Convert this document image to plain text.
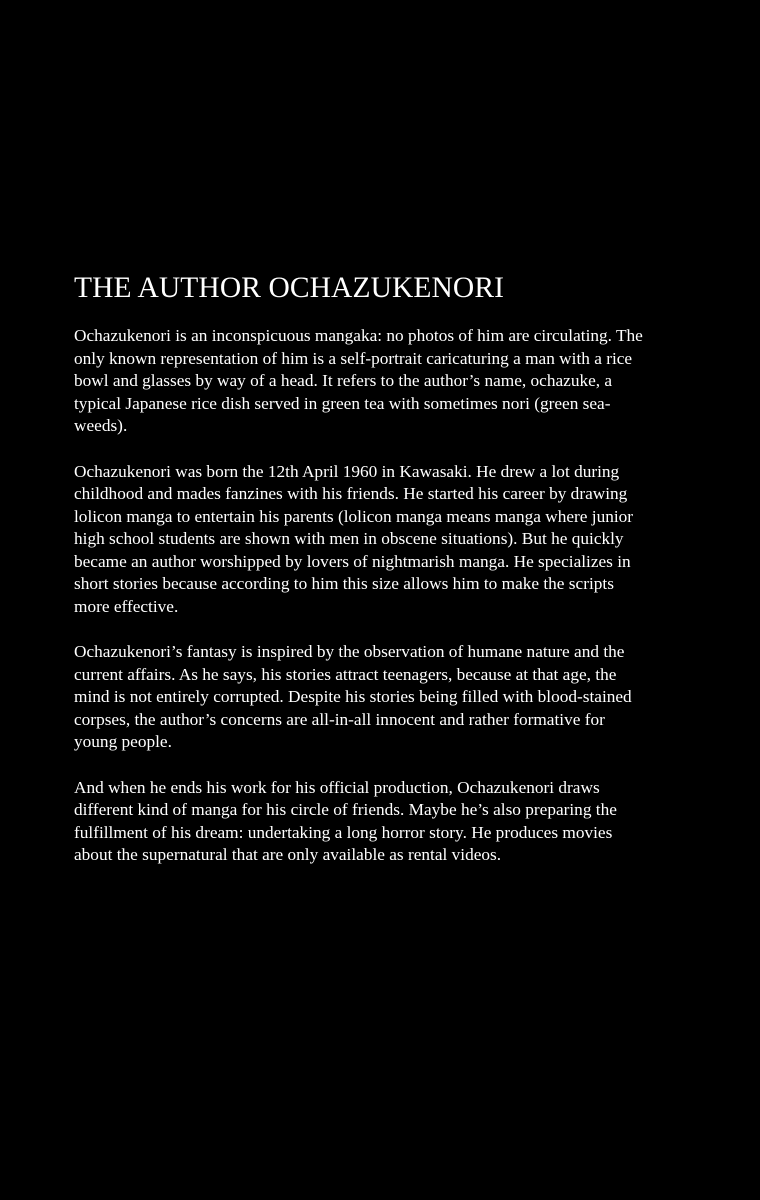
THE AUTHOR OCHAZUKENORI

Ochazukenori is an inconspicuous mangaka: no photos of him are circulating. The
only known representation of him is a self-portrait caricaturing a man with a rice
bowl and glasses by way of a head. It refers to the author’s name, ochazuke, a
typical Japanese rice dish served in green tea with sometimes nori (green sea-
weeds).

Ochazukenori was born the 12th April 1960 in Kawasaki. He drew a lot during
childhood and mades fanzines with his friends. He started his career by drawing
lolicon manga to entertain his parents (lolicon manga means manga where junior
high school students are shown with men in obscene situations). But he quickly
became an author worshipped by lovers of nightmarish manga. He specializes in
short stories because according to him this size allows him to make the scripts
more effective.

Ochazukenori’s fantasy is inspired by the observation of humane nature and the
current affairs. As he says, his stories attract teenagers, because at that age, the
mind is not entirely corrupted. Despite his stories being filled with blood-stained
corpses, the author’s concerns are all-in-all innocent and rather formative for
young people.

And when he ends his work for his official production, Ochazukenori draws
different kind of manga for his circle of friends. Maybe he’s also preparing the
fulfillment of his dream: undertaking a long horror story. He produces movies
about the supernatural that are only available as rental videos.
